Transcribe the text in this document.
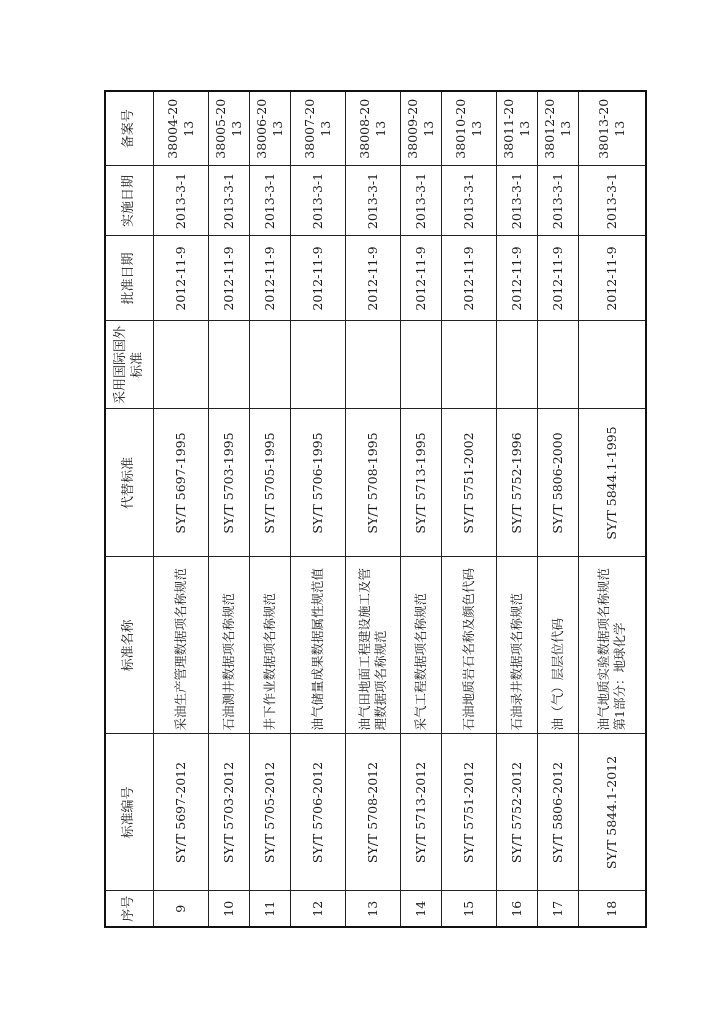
序号	标准编号	标准名称	代替标准	采用国际国外标准	批准日期	实施日期	备案号
9	SY/T 5697-2012	采油生产管理数据项名称规范	SY/T 5697-1995		2012-11-9	2013-3-1	38004-2013
10	SY/T 5703-2012	石油测井数据项名称规范	SY/T 5703-1995		2012-11-9	2013-3-1	38005-2013
11	SY/T 5705-2012	井下作业数据项名称规范	SY/T 5705-1995		2012-11-9	2013-3-1	38006-2013
12	SY/T 5706-2012	油气储量成果数据属性规范值	SY/T 5706-1995		2012-11-9	2013-3-1	38007-2013
13	SY/T 5708-2012	油气田地面工程建设施工及管理数据项名称规范	SY/T 5708-1995		2012-11-9	2013-3-1	38008-2013
14	SY/T 5713-2012	采气工程数据项名称规范	SY/T 5713-1995		2012-11-9	2013-3-1	38009-2013
15	SY/T 5751-2012	石油地质岩石名称及颜色代码	SY/T 5751-2002		2012-11-9	2013-3-1	38010-2013
16	SY/T 5752-2012	石油录井数据项名称规范	SY/T 5752-1996		2012-11-9	2013-3-1	38011-2013
17	SY/T 5806-2012	油（气）层层位代码	SY/T 5806-2000		2012-11-9	2013-3-1	38012-2013
18	SY/T 5844.1-2012	油气地质实验数据项名称规范 第1部分：地球化学	SY/T 5844.1-1995		2012-11-9	2013-3-1	38013-2013
